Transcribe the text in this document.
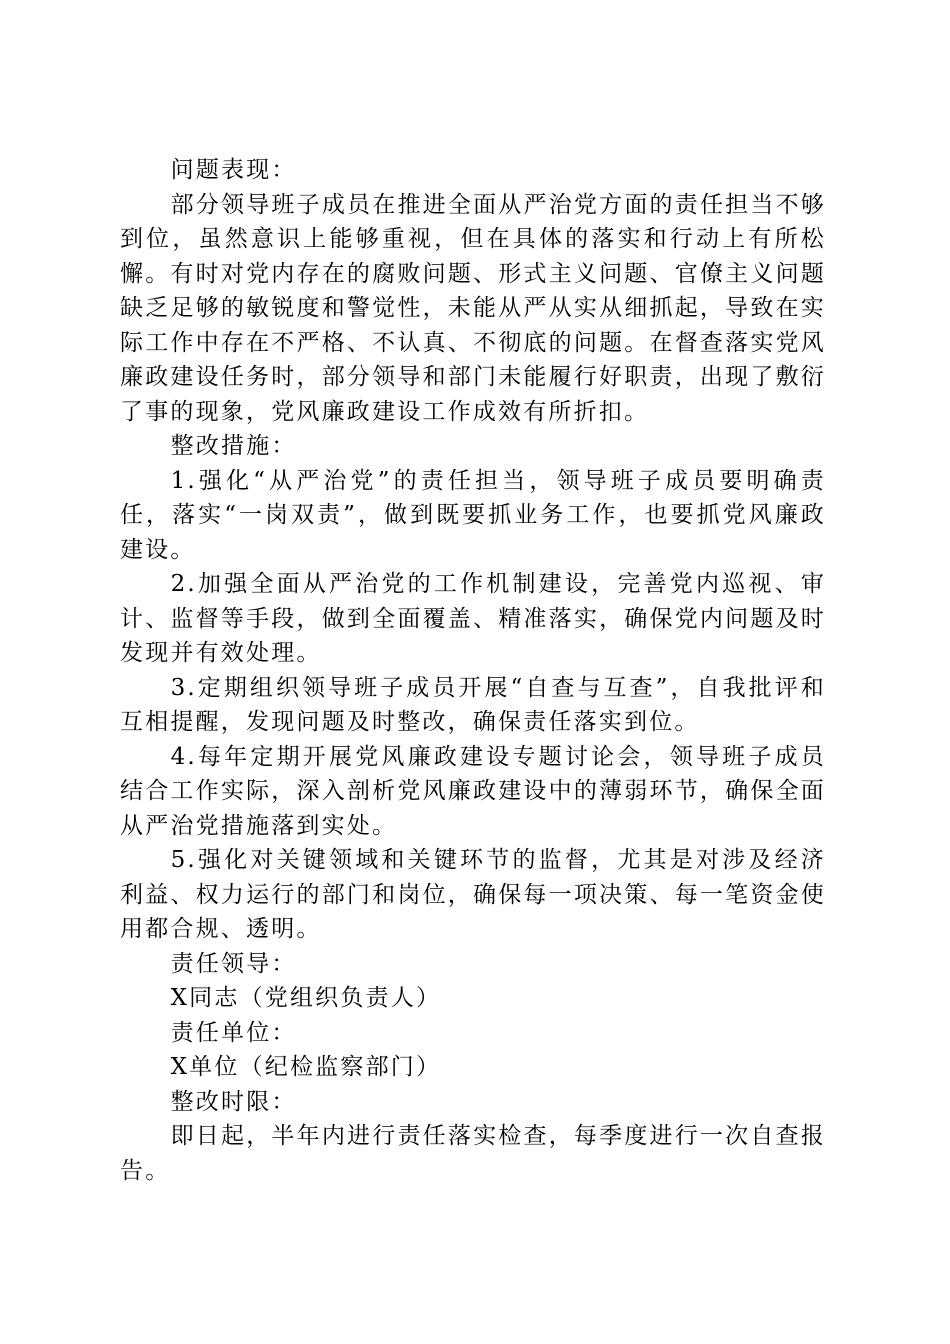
问题表现：

部分领导班子成员在推进全面从严治党方面的责任担当不够到位，虽然意识上能够重视，但在具体的落实和行动上有所松懈。有时对党内存在的腐败问题、形式主义问题、官僚主义问题缺乏足够的敏锐度和警觉性，未能从严从实从细抓起，导致在实际工作中存在不严格、不认真、不彻底的问题。在督查落实党风廉政建设任务时，部分领导和部门未能履行好职责，出现了敷衍了事的现象，党风廉政建设工作成效有所折扣。

整改措施：

1.强化“从严治党”的责任担当，领导班子成员要明确责任，落实“一岗双责”，做到既要抓业务工作，也要抓党风廉政建设。

2.加强全面从严治党的工作机制建设，完善党内巡视、审计、监督等手段，做到全面覆盖、精准落实，确保党内问题及时发现并有效处理。

3.定期组织领导班子成员开展“自查与互查”，自我批评和互相提醒，发现问题及时整改，确保责任落实到位。

4.每年定期开展党风廉政建设专题讨论会，领导班子成员结合工作实际，深入剖析党风廉政建设中的薄弱环节，确保全面从严治党措施落到实处。

5.强化对关键领域和关键环节的监督，尤其是对涉及经济利益、权力运行的部门和岗位，确保每一项决策、每一笔资金使用都合规、透明。

责任领导：

X同志（党组织负责人）

责任单位：

X单位（纪检监察部门）

整改时限：

即日起，半年内进行责任落实检查，每季度进行一次自查报告。
